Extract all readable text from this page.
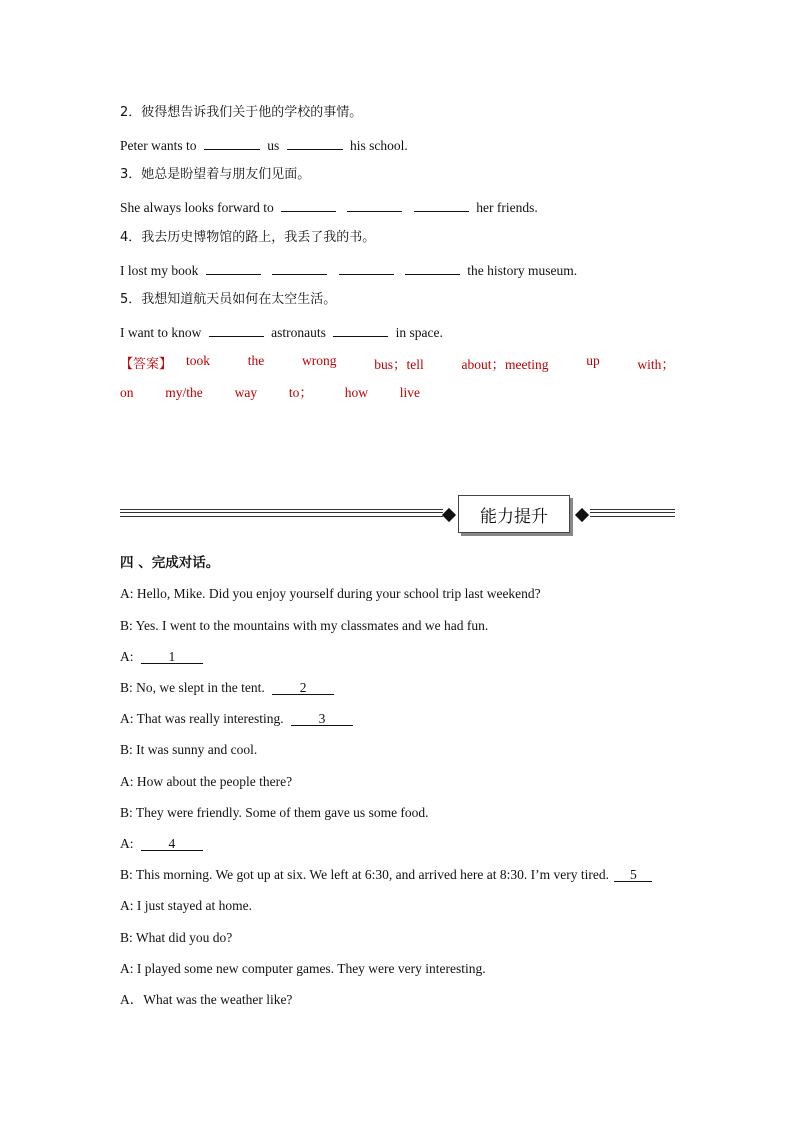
2．彼得想告诉我们关于他的学校的事情。
Peter wants to	us	his school.
3．她总是盼望着与朋友们见面。
She always looks forward to	her friends.
4．我去历史博物馆的路上，我丢了我的书。
I lost my book	the history museum.
5．我想知道航天员如何在太空生活。
I want to know	astronauts	in space.
【答案】 took	the	wrong	bus；tell	about；meeting	up	with；
on my/the way to； how live
能力提升
四 、完成对话。
A: Hello, Mike. Did you enjoy yourself during your school trip last weekend?
B: Yes. I went to the mountains with my classmates and we had fun.
A:	1
B: No, we slept in the tent.	2
A: That was really interesting.	3
B: It was sunny and cool.
A: How about the people there?
B: They were friendly. Some of them gave us some food.
A:	4
B: This morning. We got up at six. We left at 6:30, and arrived here at 8:30. I’m very tired. 5
A: I just stayed at home.
B: What did you do?
A: I played some new computer games. They were very interesting.
A．What was the weather like?
